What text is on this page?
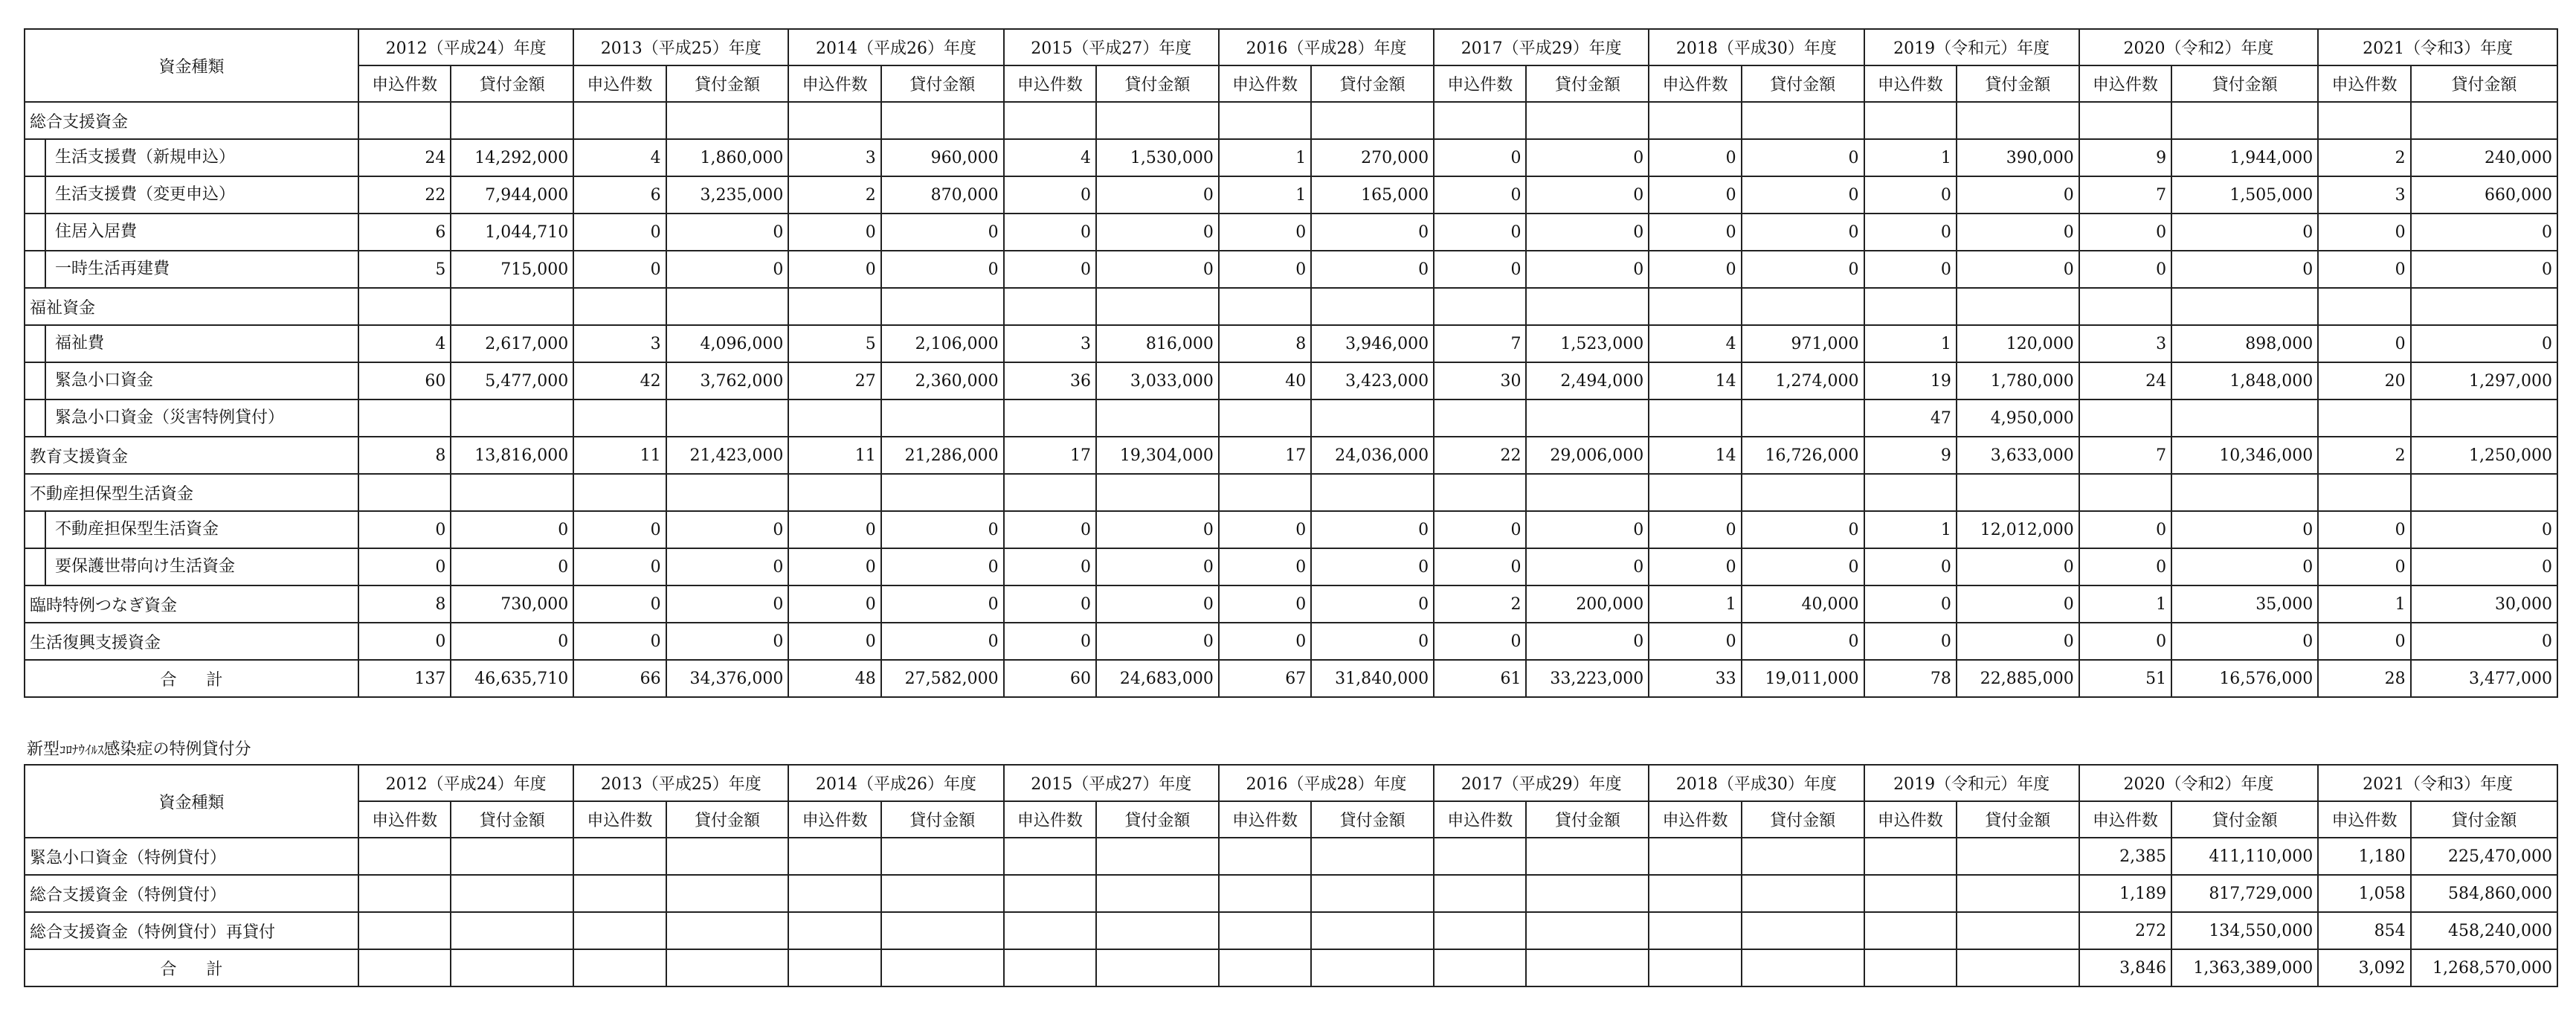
資金種類	2012（平成24）年度		2013（平成25）年度		2014（平成26）年度		2015（平成27）年度		2016（平成28）年度		2017（平成29）年度		2018（平成30）年度		2019（令和元）年度		2020（令和2）年度		2021（令和3）年度	
	申込件数	貸付金額	申込件数	貸付金額	申込件数	貸付金額	申込件数	貸付金額	申込件数	貸付金額	申込件数	貸付金額	申込件数	貸付金額	申込件数	貸付金額	申込件数	貸付金額	申込件数	貸付金額
総合支援資金																				

生活支援費（新規申込）	24	14,292,000	4	1,860,000	3	960,000	4	1,530,000	1	270,000	0	0	0	0	1	390,000	9	1,944,000	2	240,000

生活支援費（変更申込）	22	7,944,000	6	3,235,000	2	870,000	0	0	1	165,000	0	0	0	0	0	0	7	1,505,000	3	660,000

住居入居費	6	1,044,710	0	0	0	0	0	0	0	0	0	0	0	0	0	0	0	0	0	0

一時生活再建費	5	715,000	0	0	0	0	0	0	0	0	0	0	0	0	0	0	0	0	0	0
福祉資金																				

福祉費	4	2,617,000	3	4,096,000	5	2,106,000	3	816,000	8	3,946,000	7	1,523,000	4	971,000	1	120,000	3	898,000	0	0

緊急小口資金	60	5,477,000	42	3,762,000	27	2,360,000	36	3,033,000	40	3,423,000	30	2,494,000	14	1,274,000	19	1,780,000	24	1,848,000	20	1,297,000

緊急小口資金（災害特例貸付）															47	4,950,000				
教育支援資金	8	13,816,000	11	21,423,000	11	21,286,000	17	19,304,000	17	24,036,000	22	29,006,000	14	16,726,000	9	3,633,000	7	10,346,000	2	1,250,000
不動産担保型生活資金																				

不動産担保型生活資金	0	0	0	0	0	0	0	0	0	0	0	0	0	0	1	12,012,000	0	0	0	0

要保護世帯向け生活資金	0	0	0	0	0	0	0	0	0	0	0	0	0	0	0	0	0	0	0	0
臨時特例つなぎ資金	8	730,000	0	0	0	0	0	0	0	0	2	200,000	1	40,000	0	0	1	35,000	1	30,000
生活復興支援資金	0	0	0	0	0	0	0	0	0	0	0	0	0	0	0	0	0	0	0	0
合 計	137	46,635,710	66	34,376,000	48	27,582,000	60	24,683,000	67	31,840,000	61	33,223,000	33	19,011,000	78	22,885,000	51	16,576,000	28	3,477,000
新型ｺﾛﾅｳｲﾙｽ感染症の特例貸付分
資金種類	2012（平成24）年度		2013（平成25）年度		2014（平成26）年度		2015（平成27）年度		2016（平成28）年度		2017（平成29）年度		2018（平成30）年度		2019（令和元）年度		2020（令和2）年度		2021（令和3）年度	
	申込件数	貸付金額	申込件数	貸付金額	申込件数	貸付金額	申込件数	貸付金額	申込件数	貸付金額	申込件数	貸付金額	申込件数	貸付金額	申込件数	貸付金額	申込件数	貸付金額	申込件数	貸付金額
緊急小口資金（特例貸付）																	2,385	411,110,000	1,180	225,470,000
総合支援資金（特例貸付）																	1,189	817,729,000	1,058	584,860,000
総合支援資金（特例貸付）再貸付																	272	134,550,000	854	458,240,000
合 計																	3,846	1,363,389,000	3,092	1,268,570,000
